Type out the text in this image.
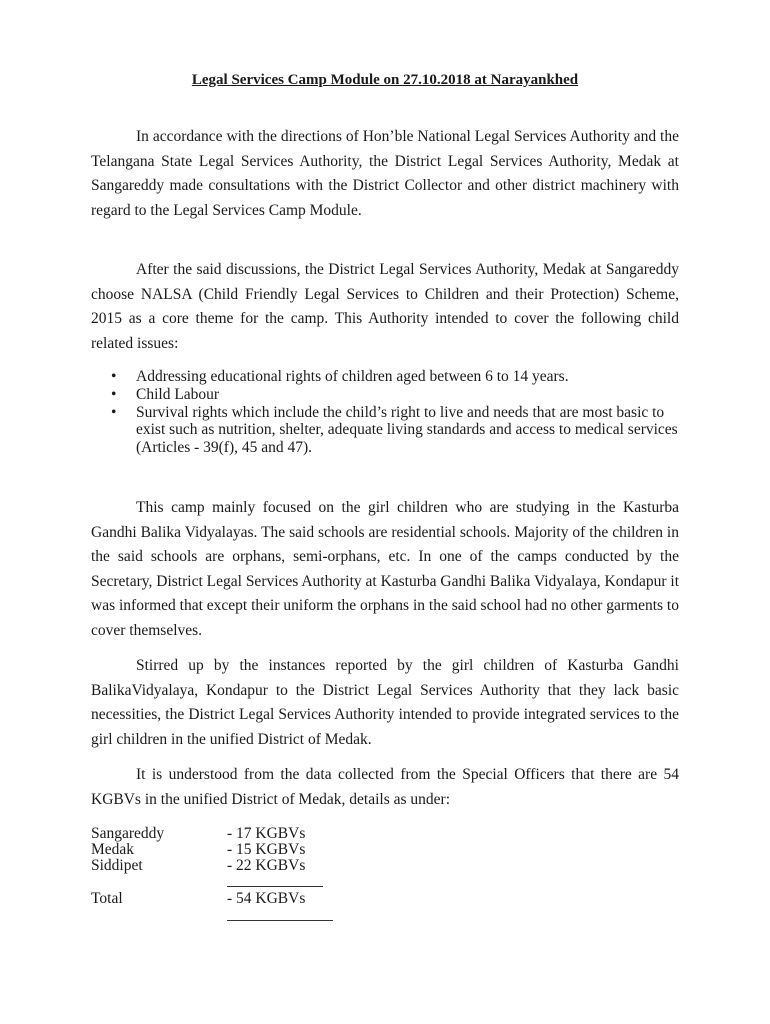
Legal Services Camp Module on 27.10.2018 at Narayankhed

In accordance with the directions of Hon’ble National Legal Services Authority and the Telangana State Legal Services Authority, the District Legal Services Authority, Medak at Sangareddy made consultations with the District Collector and other district machinery with regard to the Legal Services Camp Module.

After the said discussions, the District Legal Services Authority, Medak at Sangareddy choose NALSA (Child Friendly Legal Services to Children and their Protection) Scheme, 2015 as a core theme for the camp. This Authority intended to cover the following child related issues:

• Addressing educational rights of children aged between 6 to 14 years.
• Child Labour
• Survival rights which include the child’s right to live and needs that are most basic to exist such as nutrition, shelter, adequate living standards and access to medical services (Articles - 39(f), 45 and 47).

This camp mainly focused on the girl children who are studying in the Kasturba Gandhi Balika Vidyalayas. The said schools are residential schools. Majority of the children in the said schools are orphans, semi-orphans, etc. In one of the camps conducted by the Secretary, District Legal Services Authority at Kasturba Gandhi Balika Vidyalaya, Kondapur it was informed that except their uniform the orphans in the said school had no other garments to cover themselves.

Stirred up by the instances reported by the girl children of Kasturba Gandhi BalikaVidyalaya, Kondapur to the District Legal Services Authority that they lack basic necessities, the District Legal Services Authority intended to provide integrated services to the girl children in the unified District of Medak.

It is understood from the data collected from the Special Officers that there are 54 KGBVs in the unified District of Medak, details as under:

Sangareddy	- 17 KGBVs
Medak	- 15 KGBVs
Siddipet	- 22 KGBVs
Total	- 54 KGBVs
